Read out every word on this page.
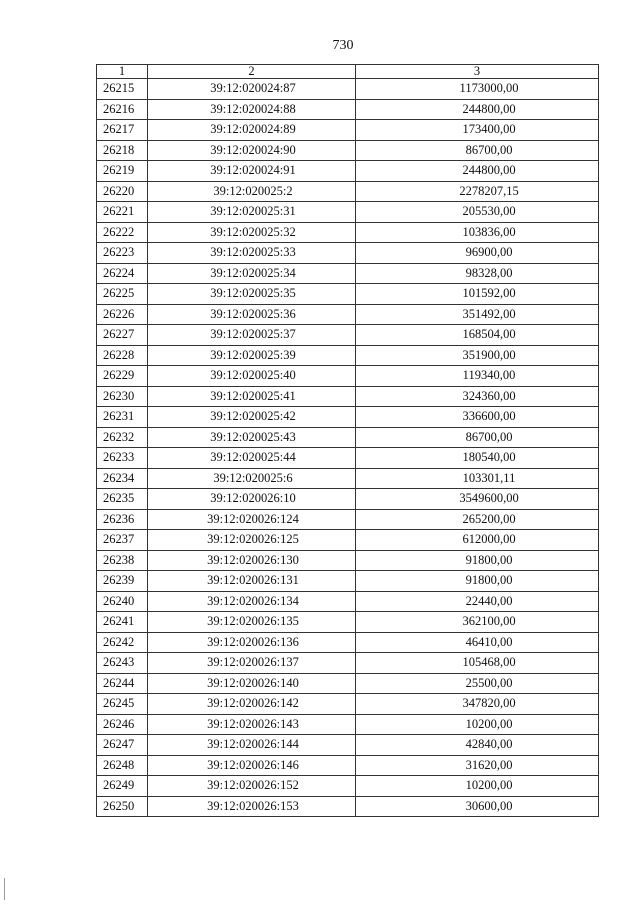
730
1	2	3
26215	39:12:020024:87	1173000,00
26216	39:12:020024:88	244800,00
26217	39:12:020024:89	173400,00
26218	39:12:020024:90	86700,00
26219	39:12:020024:91	244800,00
26220	39:12:020025:2	2278207,15
26221	39:12:020025:31	205530,00
26222	39:12:020025:32	103836,00
26223	39:12:020025:33	96900,00
26224	39:12:020025:34	98328,00
26225	39:12:020025:35	101592,00
26226	39:12:020025:36	351492,00
26227	39:12:020025:37	168504,00
26228	39:12:020025:39	351900,00
26229	39:12:020025:40	119340,00
26230	39:12:020025:41	324360,00
26231	39:12:020025:42	336600,00
26232	39:12:020025:43	86700,00
26233	39:12:020025:44	180540,00
26234	39:12:020025:6	103301,11
26235	39:12:020026:10	3549600,00
26236	39:12:020026:124	265200,00
26237	39:12:020026:125	612000,00
26238	39:12:020026:130	91800,00
26239	39:12:020026:131	91800,00
26240	39:12:020026:134	22440,00
26241	39:12:020026:135	362100,00
26242	39:12:020026:136	46410,00
26243	39:12:020026:137	105468,00
26244	39:12:020026:140	25500,00
26245	39:12:020026:142	347820,00
26246	39:12:020026:143	10200,00
26247	39:12:020026:144	42840,00
26248	39:12:020026:146	31620,00
26249	39:12:020026:152	10200,00
26250	39:12:020026:153	30600,00
